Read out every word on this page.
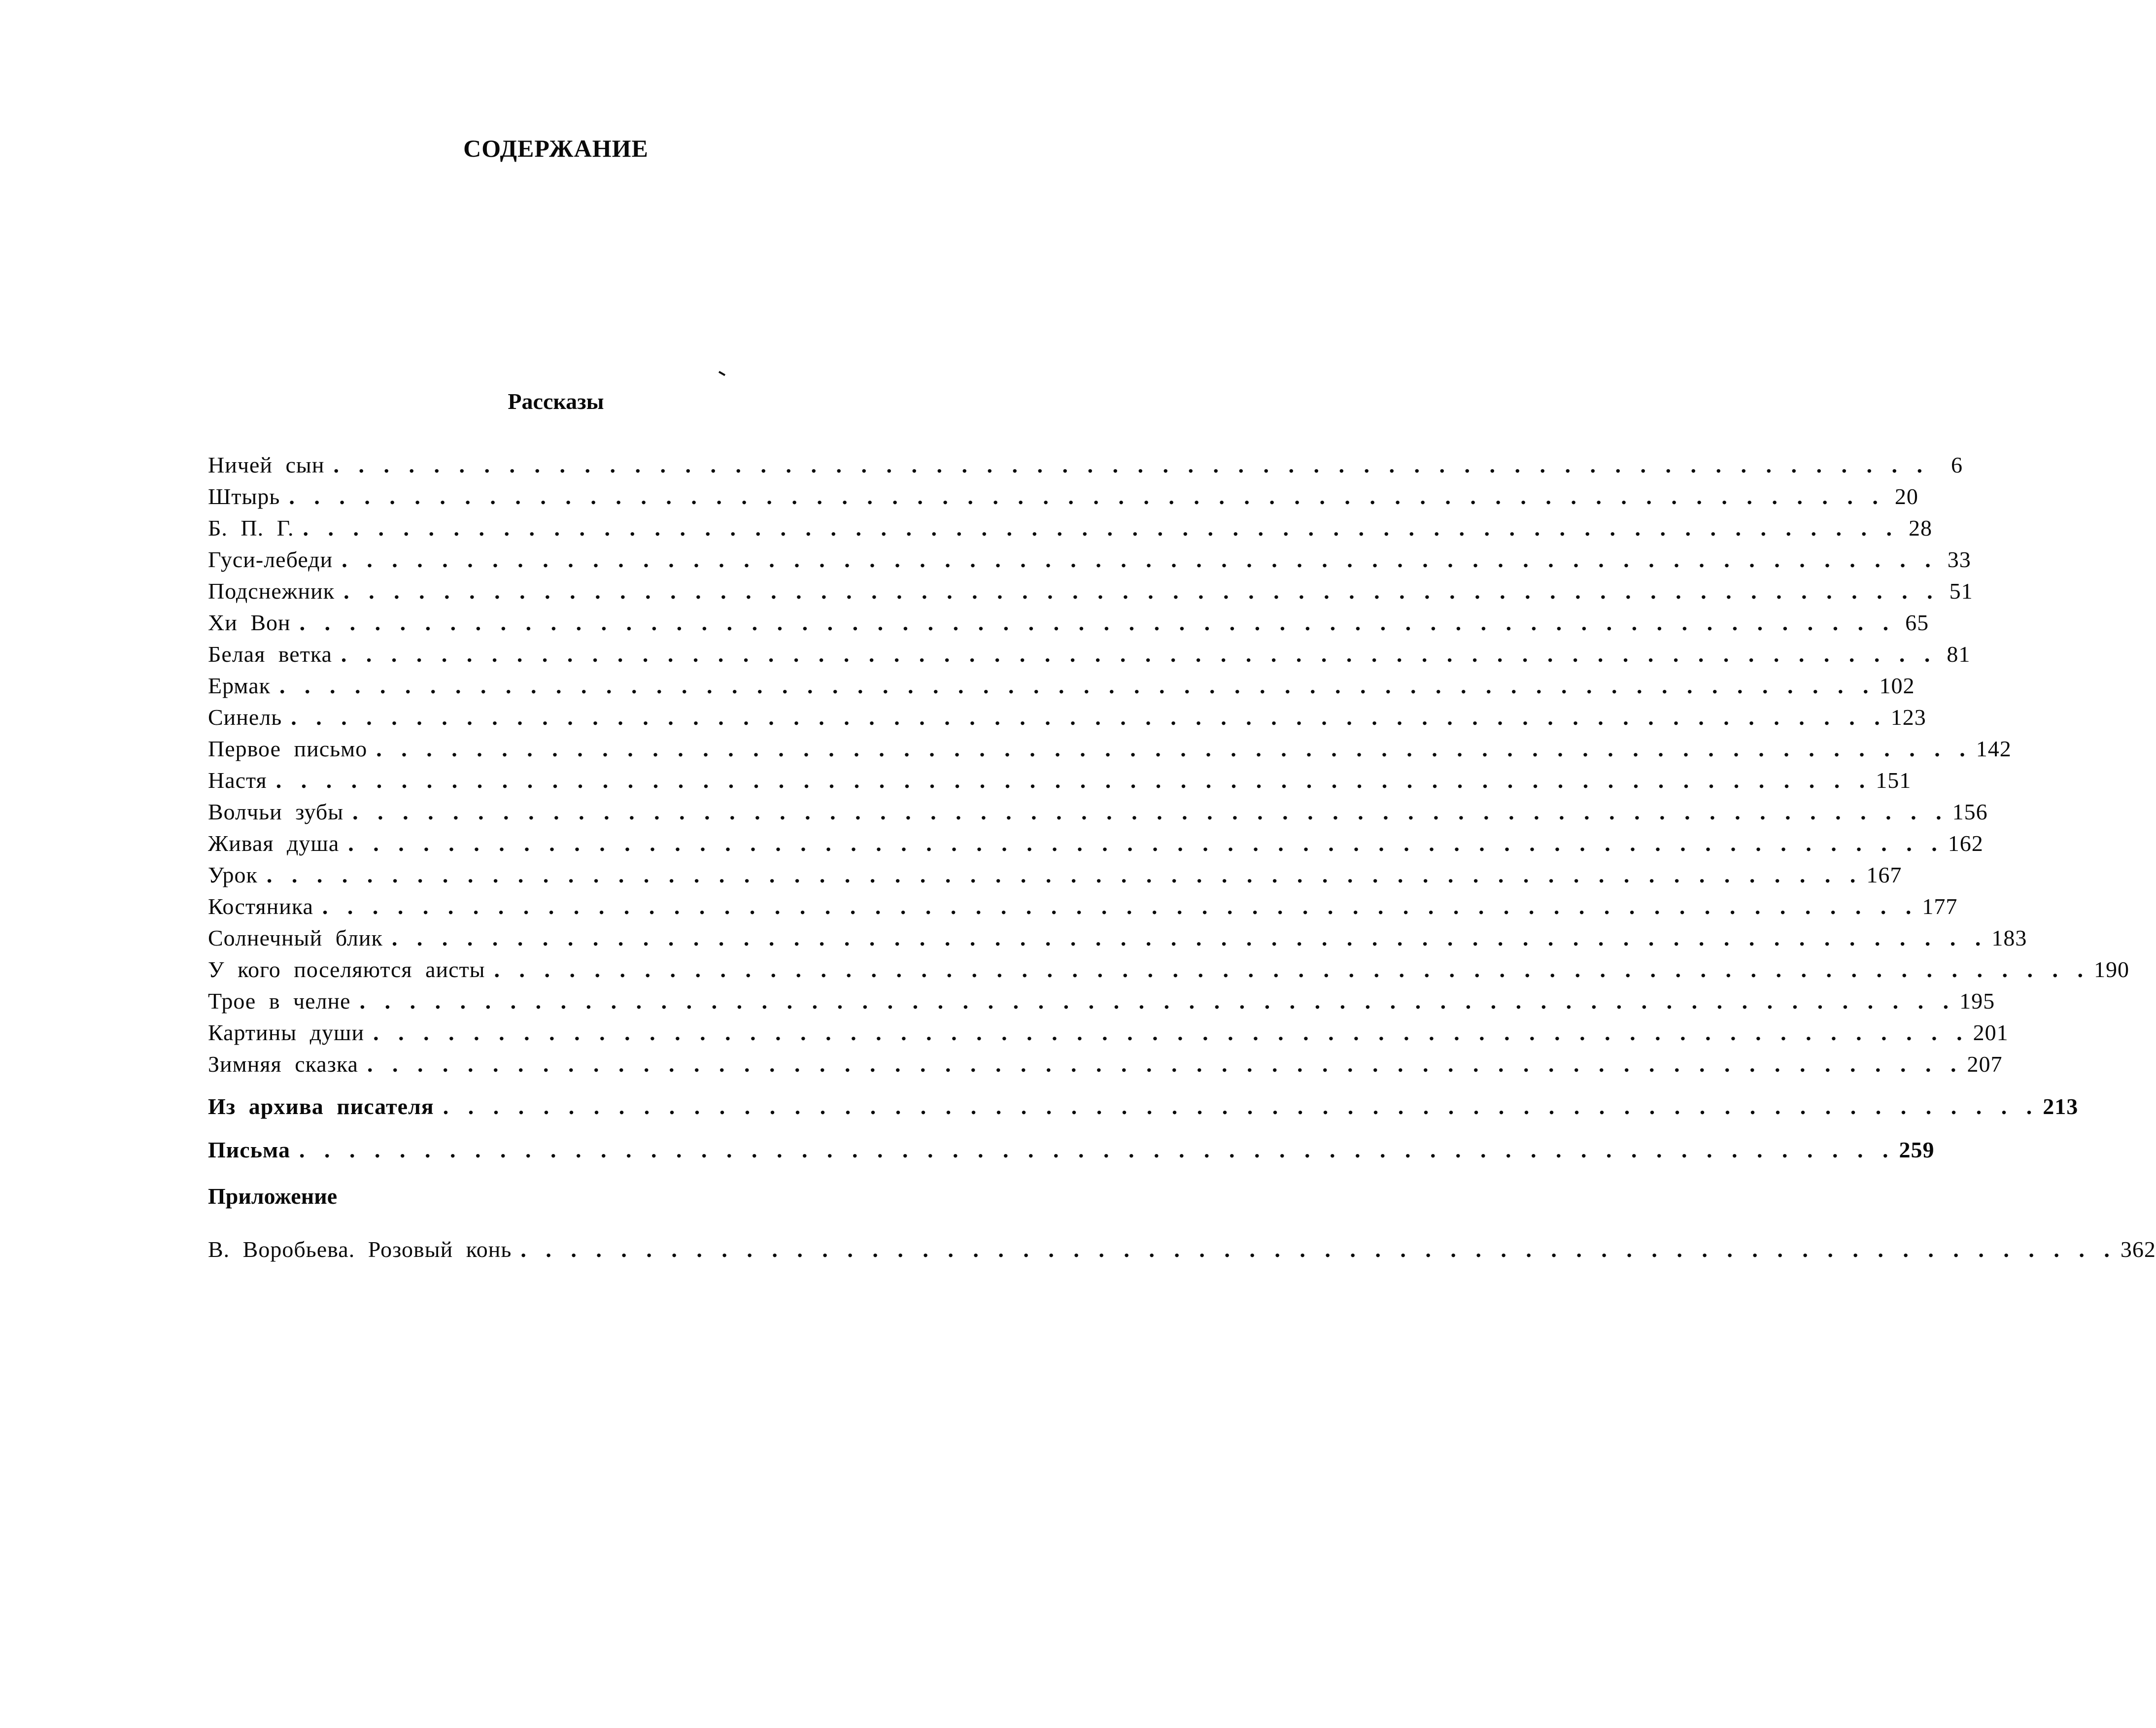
СОДЕРЖАНИЕ
Рассказы
Ничей сын . . . . . . . . . . . . . . . . . . . . . . . . . . . . . . . . . . . . . . . . . . . . . . . . . . . . . . . . . . . . . . . . 6
Штырь . . . . . . . . . . . . . . . . . . . . . . . . . . . . . . . . . . . . . . . . . . . . . . . . . . . . . . . . . . . . . . . . 20
Б. П. Г. . . . . . . . . . . . . . . . . . . . . . . . . . . . . . . . . . . . . . . . . . . . . . . . . . . . . . . . . . . . . . . . . 28
Гуси-лебеди . . . . . . . . . . . . . . . . . . . . . . . . . . . . . . . . . . . . . . . . . . . . . . . . . . . . . . . . . . . . . . . . 33
Подснежник . . . . . . . . . . . . . . . . . . . . . . . . . . . . . . . . . . . . . . . . . . . . . . . . . . . . . . . . . . . . . . . . 51
Хи Вон . . . . . . . . . . . . . . . . . . . . . . . . . . . . . . . . . . . . . . . . . . . . . . . . . . . . . . . . . . . . . . . . 65
Белая ветка . . . . . . . . . . . . . . . . . . . . . . . . . . . . . . . . . . . . . . . . . . . . . . . . . . . . . . . . . . . . . . . . 81
Ермак . . . . . . . . . . . . . . . . . . . . . . . . . . . . . . . . . . . . . . . . . . . . . . . . . . . . . . . . . . . . . . . . 102
Синель . . . . . . . . . . . . . . . . . . . . . . . . . . . . . . . . . . . . . . . . . . . . . . . . . . . . . . . . . . . . . . . . 123
Первое письмо . . . . . . . . . . . . . . . . . . . . . . . . . . . . . . . . . . . . . . . . . . . . . . . . . . . . . . . . . . . . . . . . 142
Настя . . . . . . . . . . . . . . . . . . . . . . . . . . . . . . . . . . . . . . . . . . . . . . . . . . . . . . . . . . . . . . . . 151
Волчьи зубы . . . . . . . . . . . . . . . . . . . . . . . . . . . . . . . . . . . . . . . . . . . . . . . . . . . . . . . . . . . . . . . . 156
Живая душа . . . . . . . . . . . . . . . . . . . . . . . . . . . . . . . . . . . . . . . . . . . . . . . . . . . . . . . . . . . . . . . . 162
Урок . . . . . . . . . . . . . . . . . . . . . . . . . . . . . . . . . . . . . . . . . . . . . . . . . . . . . . . . . . . . . . . . 167
Костяника . . . . . . . . . . . . . . . . . . . . . . . . . . . . . . . . . . . . . . . . . . . . . . . . . . . . . . . . . . . . . . . . 177
Солнечный блик . . . . . . . . . . . . . . . . . . . . . . . . . . . . . . . . . . . . . . . . . . . . . . . . . . . . . . . . . . . . . . . . 183
У кого поселяются аисты . . . . . . . . . . . . . . . . . . . . . . . . . . . . . . . . . . . . . . . . . . . . . . . . . . . . . . . . . . . . . . . . 190
Трое в челне . . . . . . . . . . . . . . . . . . . . . . . . . . . . . . . . . . . . . . . . . . . . . . . . . . . . . . . . . . . . . . . . 195
Картины души . . . . . . . . . . . . . . . . . . . . . . . . . . . . . . . . . . . . . . . . . . . . . . . . . . . . . . . . . . . . . . . . 201
Зимняя сказка . . . . . . . . . . . . . . . . . . . . . . . . . . . . . . . . . . . . . . . . . . . . . . . . . . . . . . . . . . . . . . . . 207
Из архива писателя . . . . . . . . . . . . . . . . . . . . . . . . . . . . . . . . . . . . . . . . . . . . . . . . . . . . . . . . . . . . . . . . 213
Письма . . . . . . . . . . . . . . . . . . . . . . . . . . . . . . . . . . . . . . . . . . . . . . . . . . . . . . . . . . . . . . . . 259
Приложение
В. Воробьева. Розовый конь . . . . . . . . . . . . . . . . . . . . . . . . . . . . . . . . . . . . . . . . . . . . . . . . . . . . . . . . . . . . . . . . 362
